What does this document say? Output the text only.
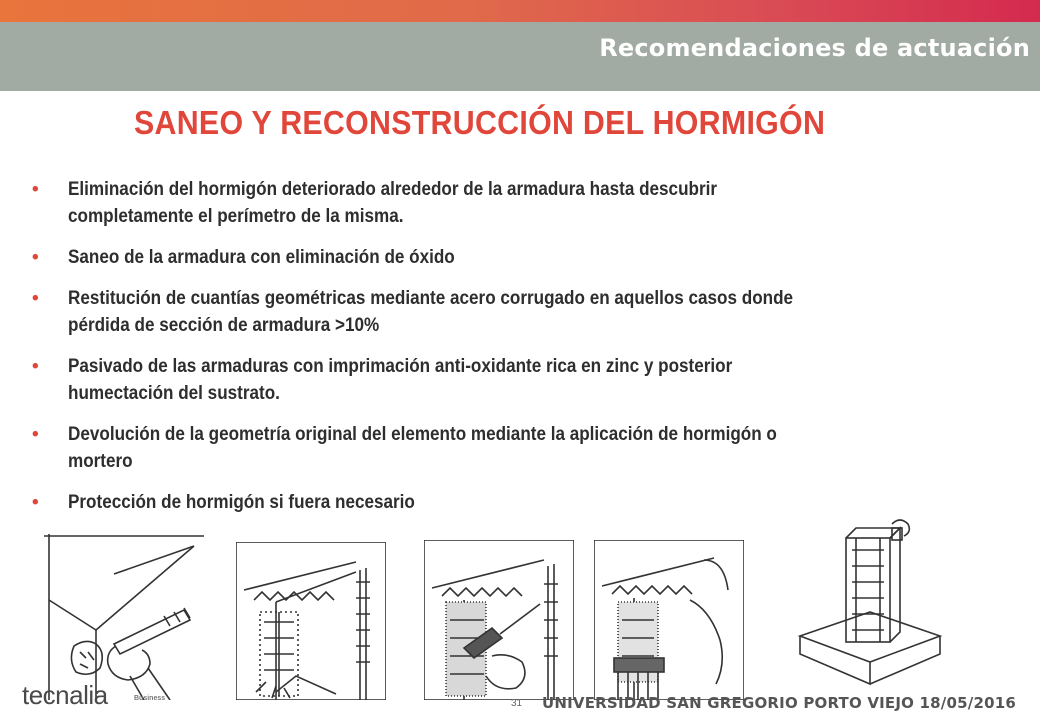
Recomendaciones de actuación
SANEO Y RECONSTRUCCIÓN DEL HORMIGÓN
• Eliminación del hormigón deteriorado alrededor de la armadura hasta descubrir
completamente el perímetro de la misma.
• Saneo de la armadura con eliminación de óxido
• Restitución de cuantías geométricas mediante acero corrugado en aquellos casos donde
pérdida de sección de armadura >10%
• Pasivado de las armaduras con imprimación anti-oxidante rica en zinc y posterior
humectación del sustrato.
• Devolución de la geometría original del elemento mediante la aplicación de hormigón o
mortero
• Protección de hormigón si fuera necesario
tecnalia	Business	31 UNIVERSIDAD SAN GREGORIO PORTO VIEJO 18/05/2016
